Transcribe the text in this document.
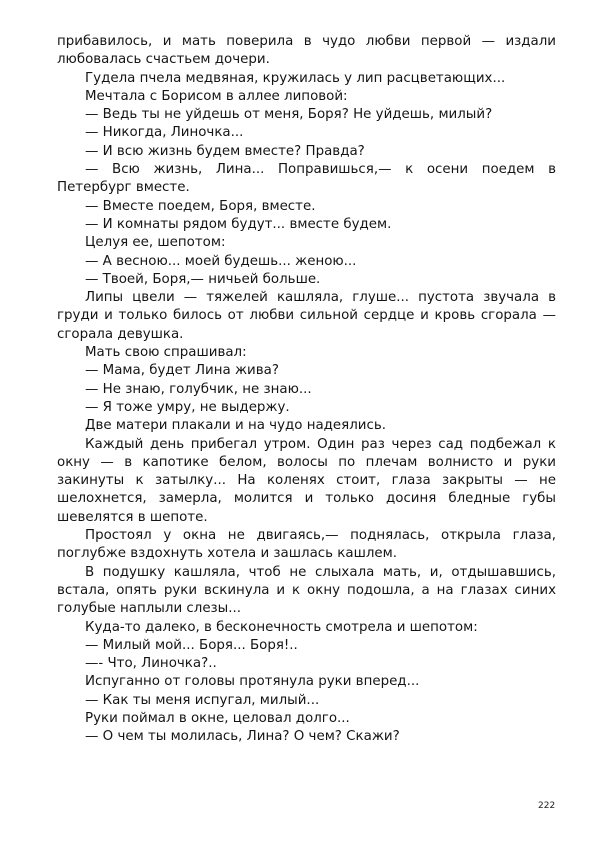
прибавилось, и мать поверила в чудо любви первой — издали любовалась счастьем дочери.

Гудела пчела медвяная, кружилась у лип расцветающих...

Мечтала с Борисом в аллее липовой:

— Ведь ты не уйдешь от меня, Боря? Не уйдешь, милый?

— Никогда, Линочка...

— И всю жизнь будем вместе? Правда?

— Всю жизнь, Лина... Поправишься,— к осени поедем в Петербург вместе.

— Вместе поедем, Боря, вместе.

— И комнаты рядом будут... вместе будем.

Целуя ее, шепотом:

— А весною... моей будешь... женою...

— Твоей, Боря,— ничьей больше.

Липы цвели — тяжелей кашляла, глуше... пустота звучала в груди и только билось от любви сильной сердце и кровь сгорала — сгорала девушка.

Мать свою спрашивал:

— Мама, будет Лина жива?

— Не знаю, голубчик, не знаю...

— Я тоже умру, не выдержу.

Две матери плакали и на чудо надеялись.

Каждый день прибегал утром. Один раз через сад подбежал к окну — в капотике белом, волосы по плечам волнисто и руки закинуты к затылку... На коленях стоит, глаза закрыты — не шелохнется, замерла, молится и только досиня бледные губы шевелятся в шепоте.

Простоял у окна не двигаясь,— поднялась, открыла глаза, поглубже вздохнуть хотела и зашлась кашлем.

В подушку кашляла, чтоб не слыхала мать, и, отдышавшись, встала, опять руки вскинула и к окну подошла, а на глазах синих голубые наплыли слезы...

Куда-то далеко, в бесконечность смотрела и шепотом:

— Милый мой... Боря... Боря!..

—- Что, Линочка?..

Испуганно от головы протянула руки вперед...

— Как ты меня испугал, милый...

Руки поймал в окне, целовал долго...

— О чем ты молилась, Лина? О чем? Скажи?

222
